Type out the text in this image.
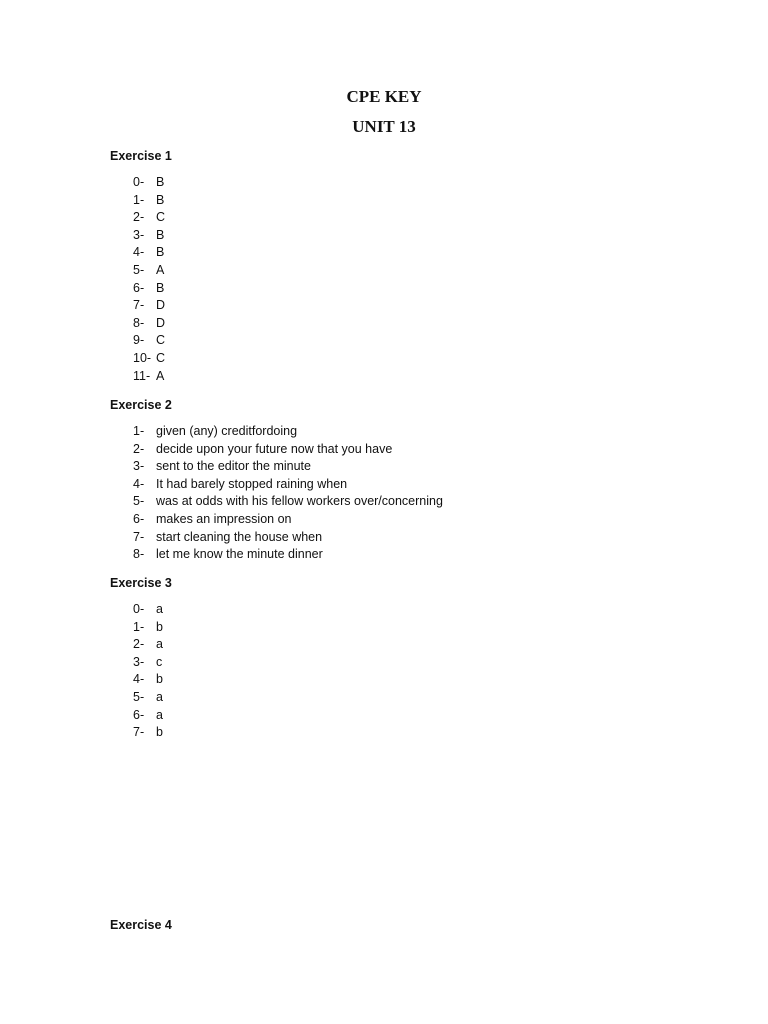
CPE KEY
UNIT 13
Exercise 1
0- B
1- B
2- C
3- B
4- B
5- A
6- B
7- D
8- D
9- C
10- C
11- A
Exercise 2
1- given (any) creditfordoing
2- decide upon your future now that you have
3- sent to the editor the minute
4- It had barely stopped raining when
5- was at odds with his fellow workers over/concerning
6- makes an impression on
7- start cleaning the house when
8- let me know the minute dinner
Exercise 3
0- a
1- b
2- a
3- c
4- b
5- a
6- a
7- b
Exercise 4
